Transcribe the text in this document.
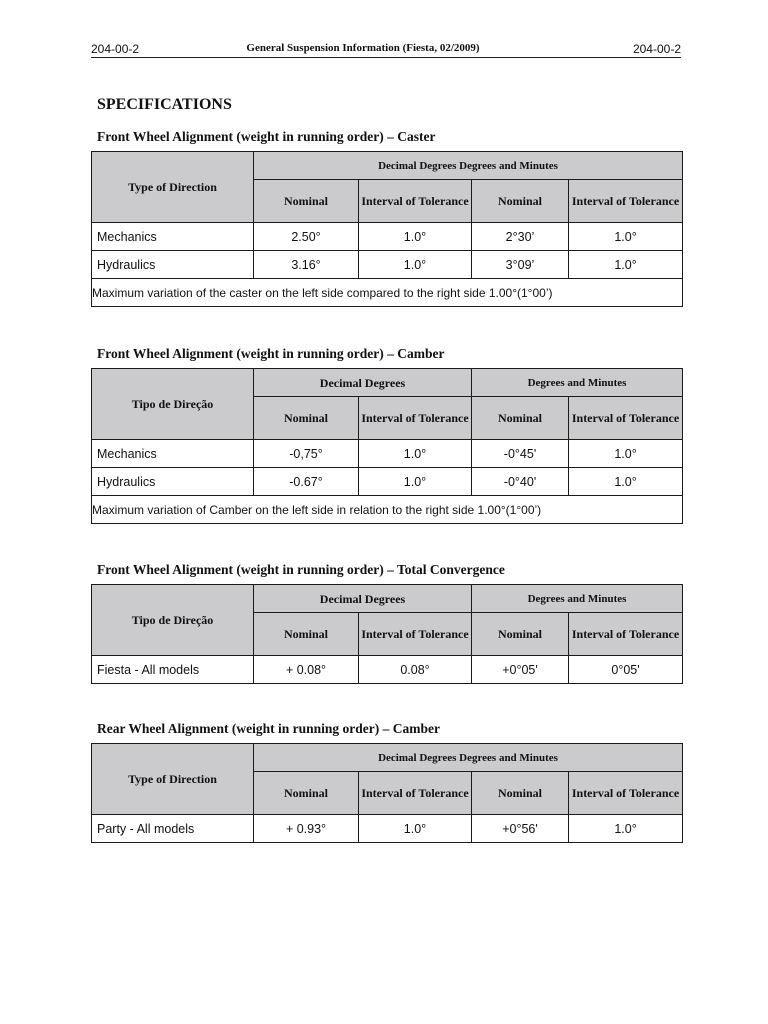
204-00-2	General Suspension Information (Fiesta, 02/2009)	204-00-2
SPECIFICATIONS
Front Wheel Alignment (weight in running order) – Caster
Type of Direction	Decimal Degrees Degrees and Minutes			
	Nominal	Interval of Tolerance	Nominal	Interval of Tolerance
Mechanics	2.50°	1.0°	2°30’	1.0°
Hydraulics	3.16°	1.0°	3°09’	1.0°
Maximum variation of the caster on the left side compared to the right side 1.00°(1°00’)				
Front Wheel Alignment (weight in running order) – Camber
Tipo de Direção	Decimal Degrees		Degrees and Minutes	
	Nominal	Interval of Tolerance	Nominal	Interval of Tolerance
Mechanics	-0,75°	1.0°	-0°45'	1.0°
Hydraulics	-0.67°	1.0°	-0°40'	1.0°
Maximum variation of Camber on the left side in relation to the right side 1.00°(1°00’)				
Front Wheel Alignment (weight in running order) – Total Convergence
Tipo de Direção	Decimal Degrees		Degrees and Minutes	
	Nominal	Interval of Tolerance	Nominal	Interval of Tolerance
Fiesta - All models	+ 0.08°	0.08°	+0°05'	0°05'
Rear Wheel Alignment (weight in running order) – Camber
Type of Direction	Decimal Degrees Degrees and Minutes			
	Nominal	Interval of Tolerance	Nominal	Interval of Tolerance
Party - All models	+ 0.93°	1.0°	+0°56'	1.0°
